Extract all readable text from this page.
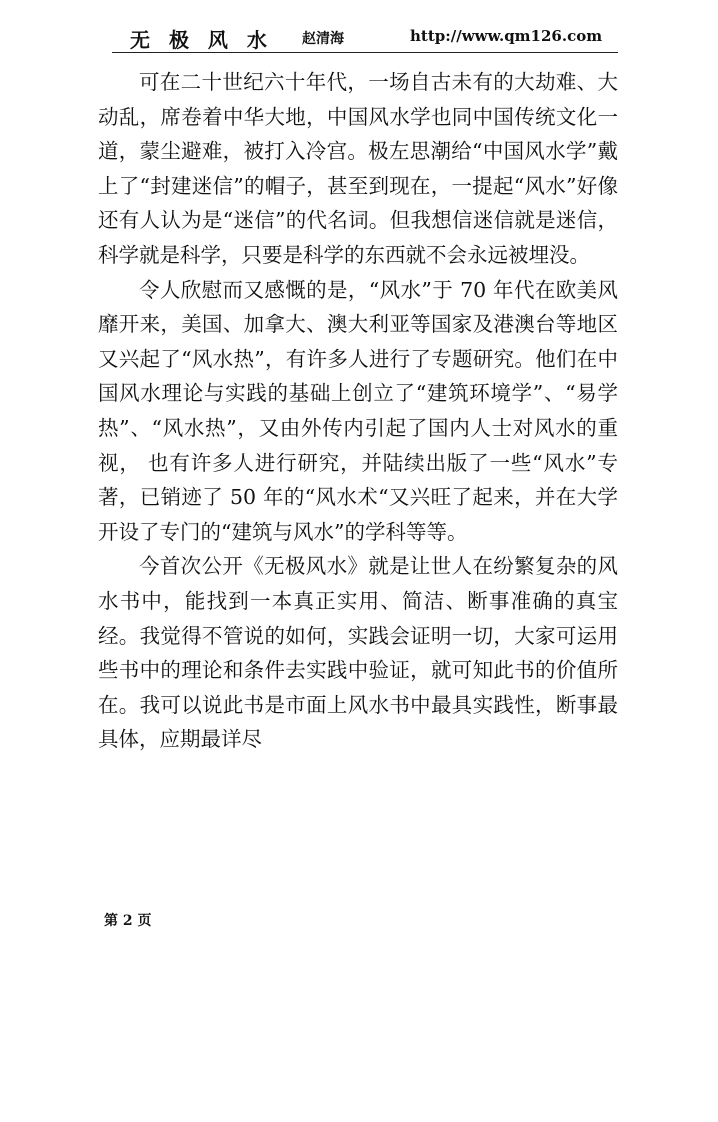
无 极 风 水 赵清海	http://www.qm126.com

可在二十世纪六十年代，一场自古未有的大劫难、大动乱，席卷着中华大地，中国风水学也同中国传统文化一道，蒙尘避难，被打入冷宫。极左思潮给“中国风水学”戴上了“封建迷信”的帽子，甚至到现在，一提起“风水”好像还有人认为是“迷信”的代名词。但我想信迷信就是迷信，科学就是科学，只要是科学的东西就不会永远被埋没。

令人欣慰而又感慨的是，“风水”于 70 年代在欧美风靡开来，美国、加拿大、澳大利亚等国家及港澳台等地区又兴起了“风水热”，有许多人进行了专题研究。他们在中国风水理论与实践的基础上创立了“建筑环境学”、“易学热”、“风水热”，又由外传内引起了国内人士对风水的重视， 也有许多人进行研究，并陆续出版了一些“风水”专著，已销迹了 50 年的“风水术“又兴旺了起来，并在大学开设了专门的“建筑与风水”的学科等等。

今首次公开《无极风水》就是让世人在纷繁复杂的风水书中，能找到一本真正实用、简洁、断事准确的真宝经。我觉得不管说的如何，实践会证明一切，大家可运用些书中的理论和条件去实践中验证，就可知此书的价值所在。我可以说此书是市面上风水书中最具实践性，断事最具体，应期最详尽

第 2 页
